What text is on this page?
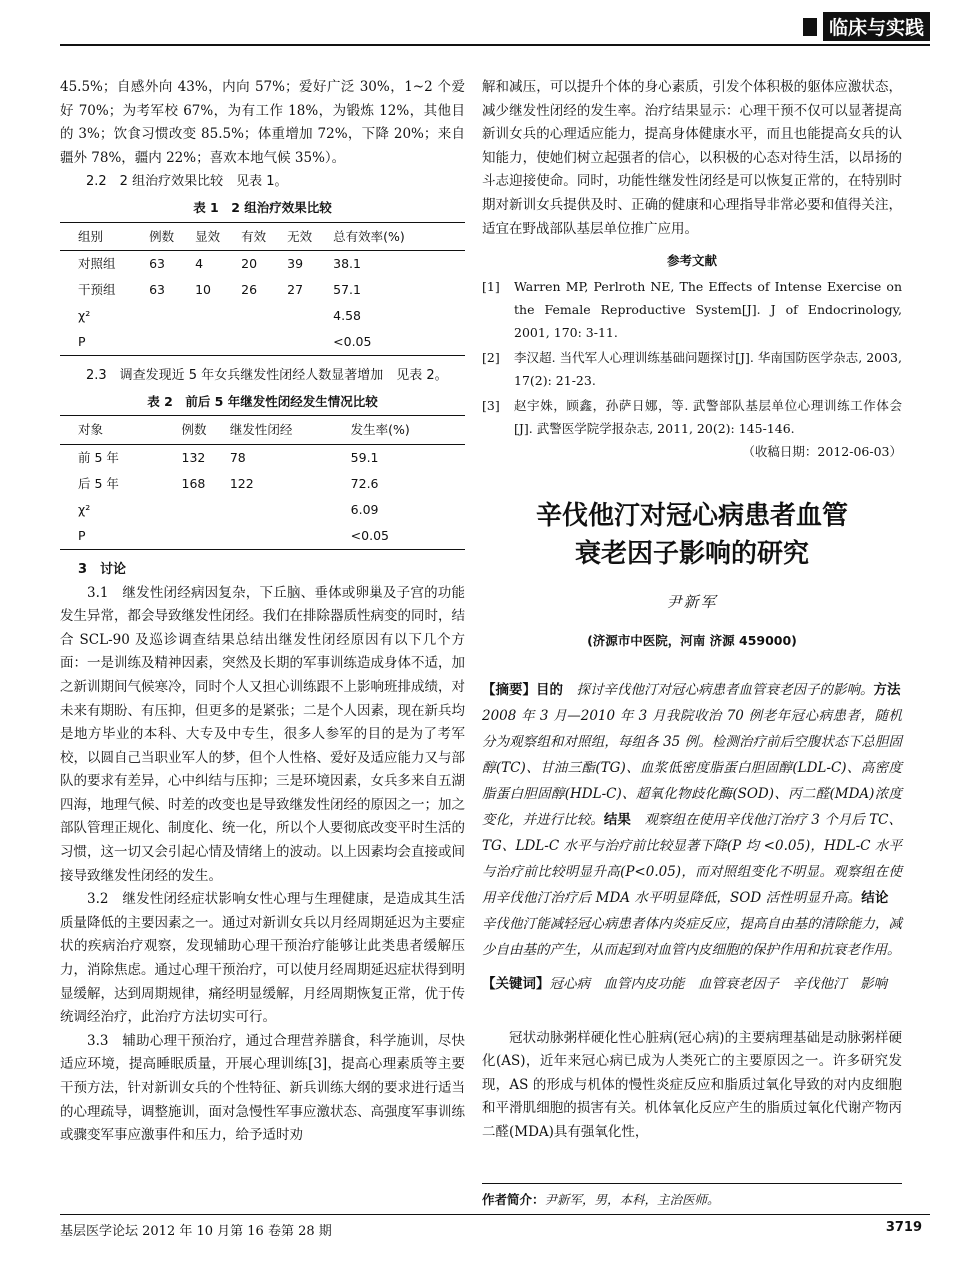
临床与实践

45.5%；自感外向 43%，内向 57%；爱好广泛 30%，1~2 个爱好 70%；为考军校 67%，为有工作 18%，为锻炼 12%，其他目的 3%；饮食习惯改变 85.5%；体重增加 72%，下降 20%；来自疆外 78%，疆内 22%；喜欢本地气候 35%）。

2.2　2 组治疗效果比较　见表 1。

表 1　2 组治疗效果比较
组别	例数	显效	有效	无效	总有效率(%)
对照组	63	4	20	39	38.1
干预组	63	10	26	27	57.1
χ²					4.58
P					<0.05

2.3　调查发现近 5 年女兵继发性闭经人数显著增加　见表 2。

表 2　前后 5 年继发性闭经发生情况比较
对象	例数	继发性闭经	发生率(%)
前 5 年	132	78	59.1
后 5 年	168	122	72.6
χ²			6.09
P			<0.05

3　讨论

3.1　继发性闭经病因复杂，下丘脑、垂体或卵巢及子宫的功能发生异常，都会导致继发性闭经。我们在排除器质性病变的同时，结合 SCL-90 及巡诊调查结果总结出继发性闭经原因有以下几个方面：一是训练及精神因素，突然及长期的军事训练造成身体不适，加之新训期间气候寒冷，同时个人又担心训练跟不上影响班排成绩，对未来有期盼、有压抑，但更多的是紧张；二是个人因素，现在新兵均是地方毕业的本科、大专及中专生，很多人参军的目的是为了考军校，以圆自己当职业军人的梦，但个人性格、爱好及适应能力又与部队的要求有差异，心中纠结与压抑；三是环境因素，女兵多来自五湖四海，地理气候、时差的改变也是导致继发性闭经的原因之一；加之部队管理正规化、制度化、统一化，所以个人要彻底改变平时生活的习惯，这一切又会引起心情及情绪上的波动。以上因素均会直接或间接导致继发性闭经的发生。

3.2　继发性闭经症状影响女性心理与生理健康，是造成其生活质量降低的主要因素之一。通过对新训女兵以月经周期延迟为主要症状的疾病治疗观察，发现辅助心理干预治疗能够让此类患者缓解压力，消除焦虑。通过心理干预治疗，可以使月经周期延迟症状得到明显缓解，达到周期规律，痛经明显缓解，月经周期恢复正常，优于传统调经治疗，此治疗方法切实可行。

3.3　辅助心理干预治疗，通过合理营养膳食，科学施训，尽快适应环境，提高睡眠质量，开展心理训练[3]，提高心理素质等主要干预方法，针对新训女兵的个性特征、新兵训练大纲的要求进行适当的心理疏导，调整施训，面对急慢性军事应激状态、高强度军事训练或骤变军事应激事件和压力，给予适时劝

解和减压，可以提升个体的身心素质，引发个体积极的躯体应激状态，减少继发性闭经的发生率。治疗结果显示：心理干预不仅可以显著提高新训女兵的心理适应能力，提高身体健康水平，而且也能提高女兵的认知能力，使她们树立起强者的信心，以积极的心态对待生活，以昂扬的斗志迎接使命。同时，功能性继发性闭经是可以恢复正常的，在特别时期对新训女兵提供及时、正确的健康和心理指导非常必要和值得关注，适宜在野战部队基层单位推广应用。

参考文献
[1]	Warren MP, Perlroth NE, The Effects of Intense Exercise on the Female Reproductive System[J]. J of Endocrinology, 2001, 170: 3-11.
[2]	李汉超. 当代军人心理训练基础问题探讨[J]. 华南国防医学杂志, 2003, 17(2): 21-23.
[3]	赵宇姝，顾鑫，孙萨日娜，等. 武警部队基层单位心理训练工作体会[J]. 武警医学院学报杂志, 2011, 20(2): 145-146.
（收稿日期：2012-06-03）
辛伐他汀对冠心病患者血管
衰老因子影响的研究
尹新军
(济源市中医院，河南 济源 459000)

【摘要】目的　探讨辛伐他汀对冠心病患者血管衰老因子的影响。方法　2008 年 3 月—2010 年 3 月我院收治 70 例老年冠心病患者，随机分为观察组和对照组，每组各 35 例。检测治疗前后空腹状态下总胆固醇(TC)、甘油三酯(TG)、血浆低密度脂蛋白胆固醇(LDL-C)、高密度脂蛋白胆固醇(HDL-C)、超氧化物歧化酶(SOD)、丙二醛(MDA)浓度变化，并进行比较。结果　观察组在使用辛伐他汀治疗 3 个月后 TC、TG、LDL-C 水平与治疗前比较显著下降(P 均 <0.05)，HDL-C 水平与治疗前比较明显升高(P<0.05)，而对照组变化不明显。观察组在使用辛伐他汀治疗后 MDA 水平明显降低，SOD 活性明显升高。结论　辛伐他汀能减轻冠心病患者体内炎症反应，提高自由基的清除能力，减少自由基的产生，从而起到对血管内皮细胞的保护作用和抗衰老作用。

【关键词】冠心病　血管内皮功能　血管衰老因子　辛伐他汀　影响

冠状动脉粥样硬化性心脏病(冠心病)的主要病理基础是动脉粥样硬化(AS)，近年来冠心病已成为人类死亡的主要原因之一。许多研究发现，AS 的形成与机体的慢性炎症反应和脂质过氧化导致的对内皮细胞和平滑肌细胞的损害有关。机体氧化反应产生的脂质过氧化代谢产物丙二醛(MDA)具有强氧化性，

作者简介：尹新军，男，本科，主治医师。
基层医学论坛 2012 年 10 月第 16 卷第 28 期	3719
